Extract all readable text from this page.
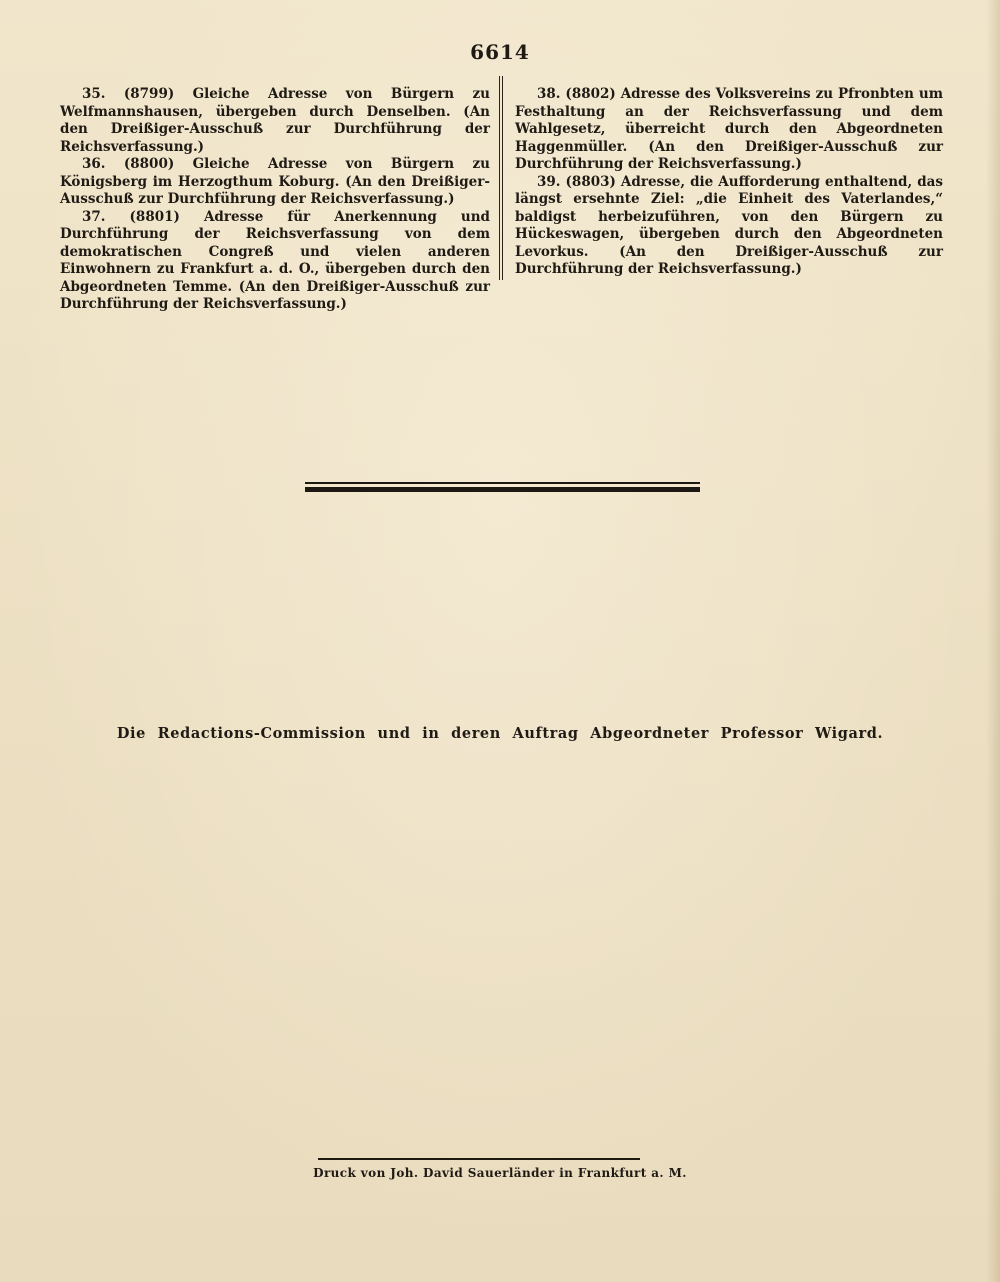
6614

35. (8799) Gleiche Adresse von Bürgern zu Welfmannshausen, übergeben durch Denselben. (An den Dreißiger-Ausschuß zur Durchführung der Reichsverfassung.)

36. (8800) Gleiche Adresse von Bürgern zu Königsberg im Herzogthum Koburg. (An den Dreißiger-Ausschuß zur Durchführung der Reichsverfassung.)

37. (8801) Adresse für Anerkennung und Durchführung der Reichsverfassung von dem demokratischen Congreß und vielen anderen Einwohnern zu Frankfurt a. d. O., übergeben durch den Abgeordneten Temme. (An den Dreißiger-Ausschuß zur Durchführung der Reichsverfassung.)

38. (8802) Adresse des Volksvereins zu Pfronbten um Festhaltung an der Reichsverfassung und dem Wahlgesetz, überreicht durch den Abgeordneten Haggenmüller. (An den Dreißiger-Ausschuß zur Durchführung der Reichsverfassung.)

39. (8803) Adresse, die Aufforderung enthaltend, das längst ersehnte Ziel: „die Einheit des Vaterlandes,“ baldigst herbeizuführen, von den Bürgern zu Hückeswagen, übergeben durch den Abgeordneten Levorkus. (An den Dreißiger-Ausschuß zur Durchführung der Reichsverfassung.)

Die Redactions-Commission und in deren Auftrag Abgeordneter Professor Wigard.
Druck von Joh. David Sauerländer in Frankfurt a. M.
